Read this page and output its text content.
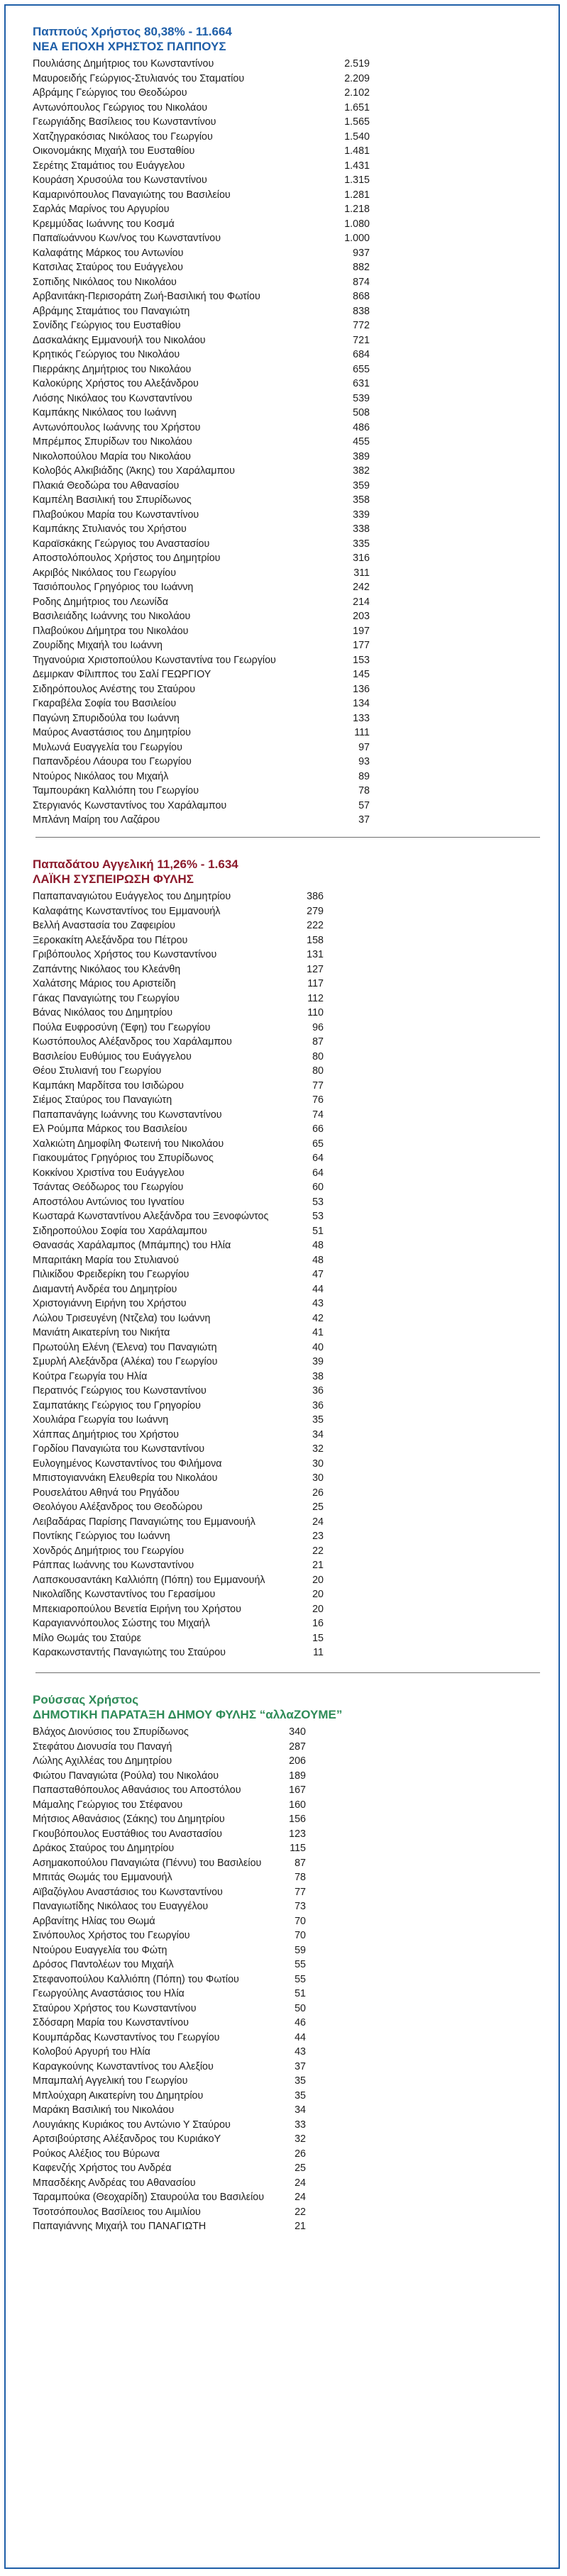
Παππούς Χρήστος 80,38% - 11.664
ΝΕΑ ΕΠΟΧΗ ΧΡΗΣΤΟΣ ΠΑΠΠΟΥΣ
Πουλιάσης Δημήτριος του Κωνσταντίνου	2.519
Μαυροειδής Γεώργιος-Στυλιανός του Σταματίου	2.209
Αβράμης Γεώργιος του Θεοδώρου	2.102
Αντωνόπουλος Γεώργιος του Νικολάου	1.651
Γεωργιάδης Βασίλειος του Κωνσταντίνου	1.565
Χατζηγρακόσιας Νικόλαος του Γεωργίου	1.540
Οικονομάκης Μιχαήλ του Ευσταθίου	1.481
Σερέτης Σταμάτιος του Ευάγγελου	1.431
Κουράση Χρυσούλα του Κωνσταντίνου	1.315
Καμαρινόπουλος Παναγιώτης του Βασιλείου	1.281
Σαρλάς Μαρίνος του Αργυρίου	1.218
Κρεμμύδας Ιωάννης του Κοσμά	1.080
Παπαϊωάννου Κων/νος του Κωνσταντίνου	1.000
Καλαφάτης Μάρκος του Αντωνίου	937
Κατσιλας Σταύρος του Ευάγγελου	882
Σοπιδης Νικόλαος του Νικολάου	874
Αρβανιτάκη-Περισοράτη Ζωή-Βασιλική του Φωτίου	868
Αβράμης Σταμάτιος του Παναγιώτη	838
Σονίδης Γεώργιος του Ευσταθίου	772
Δασκαλάκης Εμμανουήλ του Νικολάου	721
Κρητικός Γεώργιος του Νικολάου	684
Πιερράκης Δημήτριος του Νικολάου	655
Καλοκύρης Χρήστος του Αλεξάνδρου	631
Λιόσης Νικόλαος του Κωνσταντίνου	539
Καμπάκης Νικόλαος του Ιωάννη	508
Αντωνόπουλος Ιωάννης του Χρήστου	486
Μπρέμπος Σπυρίδων του Νικολάου	455
Νικολοπούλου Μαρία του Νικολάου	389
Κολοβός Αλκιβιάδης (Άκης) του Χαράλαμπου	382
Πλακιά Θεοδώρα του Αθανασίου	359
Καμπέλη Βασιλική του Σπυρίδωνος	358
Πλαβούκου Μαρία του Κωνσταντίνου	339
Καμπάκης Στυλιανός του Χρήστου	338
Καραϊσκάκης Γεώργιος του Αναστασίου	335
Αποστολόπουλος Χρήστος του Δημητρίου	316
Ακριβός Νικόλαος του Γεωργίου	311
Τασιόπουλος Γρηγόριος του Ιωάννη	242
Ροδης Δημήτριος του Λεωνίδα	214
Βασιλειάδης Ιωάννης του Νικολάου	203
Πλαβούκου Δήμητρα του Νικολάου	197
Ζουρίδης Μιχαήλ του Ιωάννη	177
Τηγανούρια Χριστοπούλου Κωνσταντίνα του Γεωργίου	153
Δεμιρκαν Φίλιππος του Σαλί ΓΕΩΡΓΙΟΥ	145
Σιδηρόπουλος Ανέστης του Σταύρου	136
Γκαραβέλα Σοφία του Βασιλείου	134
Παγώνη Σπυριδούλα του Ιωάννη	133
Μαύρος Αναστάσιος του Δημητρίου	111
Μυλωνά Ευαγγελία του Γεωργίου	97
Παπανδρέου Λάουρα του Γεωργίου	93
Ντούρος Νικόλαος του Μιχαήλ	89
Ταμπουράκη Καλλιόπη του Γεωργίου	78
Στεργιανός Κωνσταντίνος του Χαράλαμπου	57
Μπλάνη Μαίρη του Λαζάρου	37
Παπαδάτου Αγγελική 11,26% - 1.634
ΛΑΪΚΗ ΣΥΣΠΕΙΡΩΣΗ ΦΥΛΗΣ
Παπαπαναγιώτου Ευάγγελος του Δημητρίου	386
Καλαφάτης Κωνσταντίνος του Εμμανουήλ	279
Βελλή Αναστασία του Ζαφειρίου	222
Ξεροκακίτη Αλεξάνδρα του Πέτρου	158
Γριβόπουλος Χρήστος του Κωνσταντίνου	131
Ζαπάντης Νικόλαος του Κλεάνθη	127
Χαλάτσης Μάριος του Αριστείδη	117
Γάκας Παναγιώτης του Γεωργίου	112
Βάνας Νικόλαος του Δημητρίου	110
Πούλα Ευφροσύνη (Έφη) του Γεωργίου	96
Κωστόπουλος Αλέξανδρος του Χαράλαμπου	87
Βασιλείου Ευθύμιος του Ευάγγελου	80
Θέου Στυλιανή του Γεωργίου	80
Καμπάκη Μαρδίτσα του Ισιδώρου	77
Σιέμος Σταύρος του Παναγιώτη	76
Παπαπανάγης Ιωάννης του Κωνσταντίνου	74
Ελ Ρούμπα Μάρκος του Βασιλείου	66
Χαλκιώτη Δημοφίλη Φωτεινή του Νικολάου	65
Γιακουμάτος Γρηγόριος του Σπυρίδωνος	64
Κοκκίνου Χριστίνα του Ευάγγελου	64
Τσάντας Θεόδωρος του Γεωργίου	60
Αποστόλου Αντώνιος του Ιγνατίου	53
Κωσταρά Κωνσταντίνου Αλεξάνδρα του Ξενοφώντος	53
Σιδηροπούλου Σοφία του Χαράλαμπου	51
Θανασάς Χαράλαμπος (Μπάμπης) του Ηλία	48
Μπαριτάκη Μαρία του Στυλιανού	48
Πιλικίδου Φρειδερίκη του Γεωργίου	47
Διαμαντή Ανδρέα του Δημητρίου	44
Χριστογιάννη Ειρήνη του Χρήστου	43
Λώλου Τρισευγένη (Ντζελα) του Ιωάννη	42
Μανιάτη Αικατερίνη του Νικήτα	41
Πρωτούλη Ελένη (Έλενα) του Παναγιώτη	40
Σμυρλή Αλεξάνδρα (Αλέκα) του Γεωργίου	39
Κούτρα Γεωργία του Ηλία	38
Περατινός Γεώργιος του Κωνσταντίνου	36
Σαμπατάκης Γεώργιος του Γρηγορίου	36
Χουλιάρα Γεωργία του Ιωάννη	35
Χάππας Δημήτριος του Χρήστου	34
Γορδίου Παναγιώτα του Κωνσταντίνου	32
Ευλογημένος Κωνσταντίνος του Φιλήμονα	30
Μπιστογιαννάκη Ελευθερία του Νικολάου	30
Ρουσελάτου Αθηνά του Ρηγάδου	26
Θεολόγου Αλέξανδρος του Θεοδώρου	25
Λειβαδάρας Παρίσης Παναγιώτης του Εμμανουήλ	24
Ποντίκης Γεώργιος του Ιωάννη	23
Χονδρός Δημήτριος του Γεωργίου	22
Ράππας Ιωάννης του Κωνσταντίνου	21
Λαπσκουσαντάκη Καλλιόπη (Πόπη) του Εμμανουήλ	20
Νικολαΐδης Κωνσταντίνος του Γερασίμου	20
Μπεκιαροπούλου Βενετία Ειρήνη του Χρήστου	20
Καραγιαννόπουλος Σώστης του Μιχαήλ	16
Μίλο Θωμάς του Σταύρε	15
Καρακωνσταντής Παναγιώτης του Σταύρου	11
Ρούσσας Χρήστος
ΔΗΜΟΤΙΚΗ ΠΑΡΑΤΑΞΗ ΔΗΜΟΥ ΦΥΛΗΣ “αλλαΖΟΥΜΕ”
Βλάχος Διονύσιος του Σπυρίδωνος	340
Στεφάτου Διονυσία του Παναγή	287
Λώλης Αχιλλέας του Δημητρίου	206
Φιώτου Παναγιώτα (Ρούλα) του Νικολάου	189
Παπασταθόπουλος Αθανάσιος του Αποστόλου	167
Μάμαλης Γεώργιος του Στέφανου	160
Μήτσιος Αθανάσιος (Σάκης) του Δημητρίου	156
Γκουβόπουλος Ευστάθιος του Αναστασίου	123
Δράκος Σταύρος του Δημητρίου	115
Ασημακοπούλου Παναγιώτα (Πέννυ) του Βασιλείου	87
Μπιτάς Θωμάς του Εμμανουήλ	78
Αϊβαζόγλου Αναστάσιος του Κωνσταντίνου	77
Παναγιωτίδης Νικόλαος του Ευαγγέλου	73
Αρβανίτης Ηλίας του Θωμά	70
Σινόπουλος Χρήστος του Γεωργίου	70
Ντούρου Ευαγγελία του Φώτη	59
Δρόσος Παντολέων του Μιχαήλ	55
Στεφανοπούλου Καλλιόπη (Πόπη) του Φωτίου	55
Γεωργούλης Αναστάσιος του Ηλία	51
Σταύρου Χρήστος του Κωνσταντίνου	50
Σδόσαρη Μαρία του Κωνσταντίνου	46
Κουμπάρδας Κωνσταντίνος του Γεωργίου	44
Κολοβού Αργυρή του Ηλία	43
Καραγκούνης Κωνσταντίνος του Αλεξίου	37
Μπαμπαλή Αγγελική του Γεωργίου	35
Μπλούχαρη Αικατερίνη του Δημητρίου	35
Μαράκη Βασιλική του Νικολάου	34
Λουγιάκης Κυριάκος του Αντώνιο Υ Σταύρου	33
Αρτσιβούρτσης Αλέξανδρος του ΚυριάκοΥ	32
Ρούκος Αλέξιος του Βύρωνα	26
Καφενζής Χρήστος του Ανδρέα	25
Μπασδέκης Ανδρέας του Αθανασίου	24
Ταραμπούκα (Θεοχαρίδη) Σταυρούλα του Βασιλείου	24
Τσοτσόπουλος Βασίλειος του Αιμιλίου	22
Παπαγιάννης Μιχαήλ του ΠΑΝΑΓΙΩΤΗ	21
